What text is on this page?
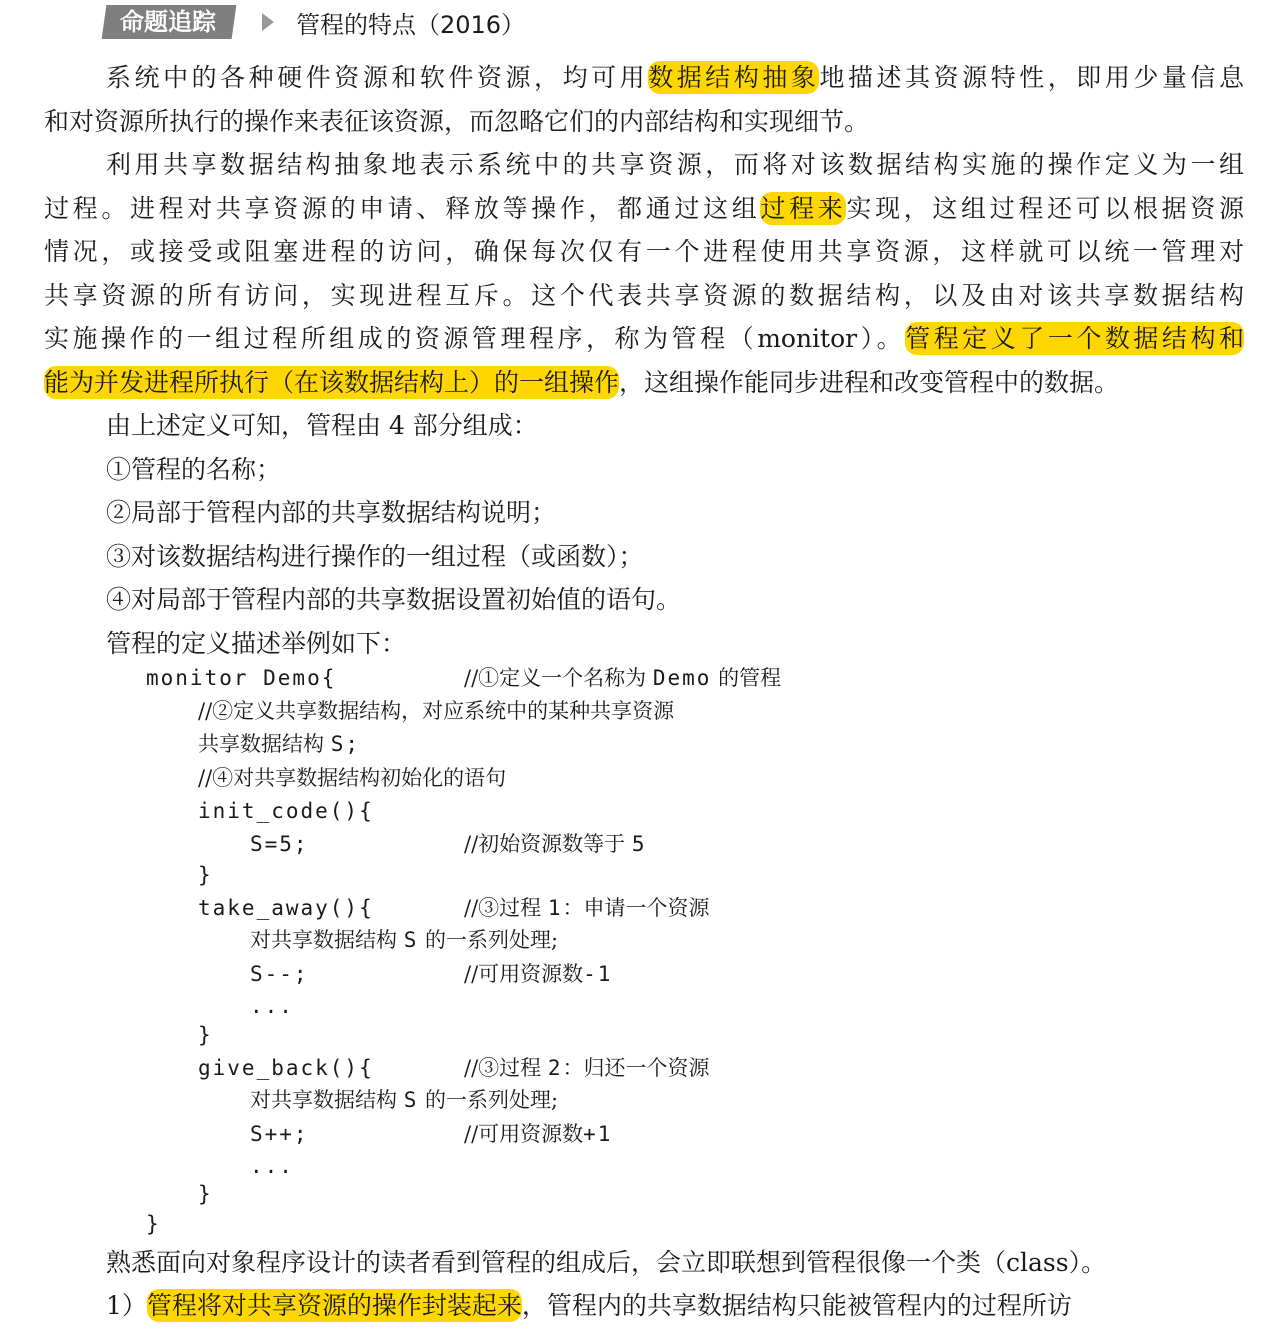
命题追踪	管程的特点（2016）
系统中的各种硬件资源和软件资源，均可用数据结构抽象地描述其资源特性，即用少量信息
和对资源所执行的操作来表征该资源，而忽略它们的内部结构和实现细节。
利用共享数据结构抽象地表示系统中的共享资源，而将对该数据结构实施的操作定义为一组
过程。进程对共享资源的申请、释放等操作，都通过这组过程来实现，这组过程还可以根据资源
情况，或接受或阻塞进程的访问，确保每次仅有一个进程使用共享资源，这样就可以统一管理对
共享资源的所有访问，实现进程互斥。这个代表共享资源的数据结构，以及由对该共享数据结构
实施操作的一组过程所组成的资源管理程序，称为管程（monitor）。管程定义了一个数据结构和
能为并发进程所执行（在该数据结构上）的一组操作，这组操作能同步进程和改变管程中的数据。
由上述定义可知，管程由 4 部分组成：
①管程的名称；
②局部于管程内部的共享数据结构说明；
③对该数据结构进行操作的一组过程（或函数）；
④对局部于管程内部的共享数据设置初始值的语句。
管程的定义描述举例如下：
monitor Demo{	//①定义一个名称为 Demo 的管程
//②定义共享数据结构，对应系统中的某种共享资源
共享数据结构 S;
//④对共享数据结构初始化的语句
init_code(){
S=5;	//初始资源数等于 5
}
take_away(){	//③过程 1：申请一个资源
对共享数据结构 S 的一系列处理;
S--;	//可用资源数-1
...
}
give_back(){	//③过程 2：归还一个资源
对共享数据结构 S 的一系列处理;
S++;	//可用资源数+1
...
}
}
熟悉面向对象程序设计的读者看到管程的组成后，会立即联想到管程很像一个类（class）。
1）管程将对共享资源的操作封装起来，管程内的共享数据结构只能被管程内的过程所访
